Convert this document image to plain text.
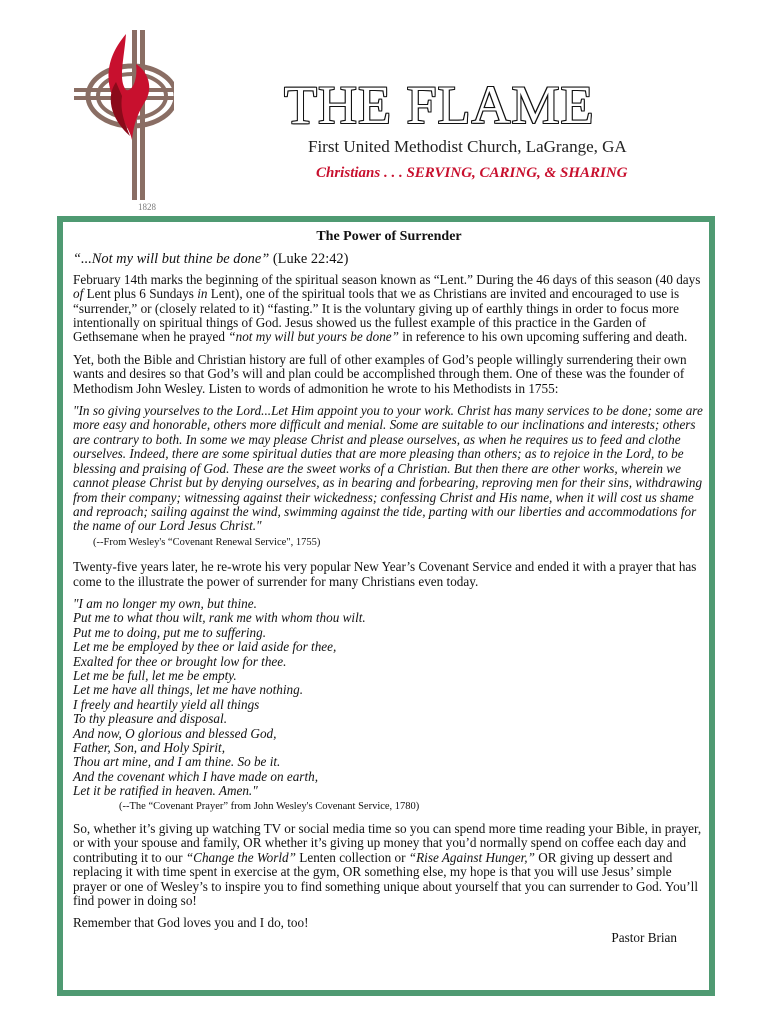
1828
THE FLAME
First United Methodist Church, LaGrange, GA
Christians . . . SERVING, CARING, & SHARING

The Power of Surrender

“...Not my will but thine be done” (Luke 22:42)

February 14th marks the beginning of the spiritual season known as “Lent.” During the 46 days of this season (40 days of Lent plus 6 Sundays in Lent), one of the spiritual tools that we as Christians are invited and encouraged to use is “surrender,” or (closely related to it) “fasting.” It is the voluntary giving up of earthly things in order to focus more intentionally on spiritual things of God. Jesus showed us the fullest example of this practice in the Garden of Gethsemane when he prayed “not my will but yours be done” in reference to his own upcoming suffering and death.

Yet, both the Bible and Christian history are full of other examples of God’s people willingly surrendering their own wants and desires so that God’s will and plan could be accomplished through them. One of these was the founder of Methodism John Wesley. Listen to words of admonition he wrote to his Methodists in 1755:

"In so giving yourselves to the Lord...Let Him appoint you to your work. Christ has many services to be done; some are more easy and honorable, others more difficult and menial. Some are suitable to our inclinations and interests; others are contrary to both. In some we may please Christ and please ourselves, as when he requires us to feed and clothe ourselves. Indeed, there are some spiritual duties that are more pleasing than others; as to rejoice in the Lord, to be blessing and praising of God. These are the sweet works of a Christian. But then there are other works, wherein we cannot please Christ but by denying ourselves, as in bearing and forbearing, reproving men for their sins, withdrawing from their company; witnessing against their wickedness; confessing Christ and His name, when it will cost us shame and reproach; sailing against the wind, swimming against the tide, parting with our liberties and accommodations for the name of our Lord Jesus Christ."

(--From Wesley's “Covenant Renewal Service", 1755)

Twenty-five years later, he re-wrote his very popular New Year’s Covenant Service and ended it with a prayer that has come to the illustrate the power of surrender for many Christians even today.

"I am no longer my own, but thine.
Put me to what thou wilt, rank me with whom thou wilt.
Put me to doing, put me to suffering.
Let me be employed by thee or laid aside for thee,
Exalted for thee or brought low for thee.
Let me be full, let me be empty.
Let me have all things, let me have nothing.
I freely and heartily yield all things
To thy pleasure and disposal.
And now, O glorious and blessed God,
Father, Son, and Holy Spirit,
Thou art mine, and I am thine. So be it.
And the covenant which I have made on earth,
Let it be ratified in heaven. Amen."

(--The “Covenant Prayer” from John Wesley's Covenant Service, 1780)

So, whether it’s giving up watching TV or social media time so you can spend more time reading your Bible, in prayer, or with your spouse and family, OR whether it’s giving up money that you’d normally spend on coffee each day and contributing it to our “Change the World” Lenten collection or “Rise Against Hunger,” OR giving up dessert and replacing it with time spent in exercise at the gym, OR something else, my hope is that you will use Jesus’ simple prayer or one of Wesley’s to inspire you to find something unique about yourself that you can surrender to God. You’ll find power in doing so!

Remember that God loves you and I do, too!

Pastor Brian
